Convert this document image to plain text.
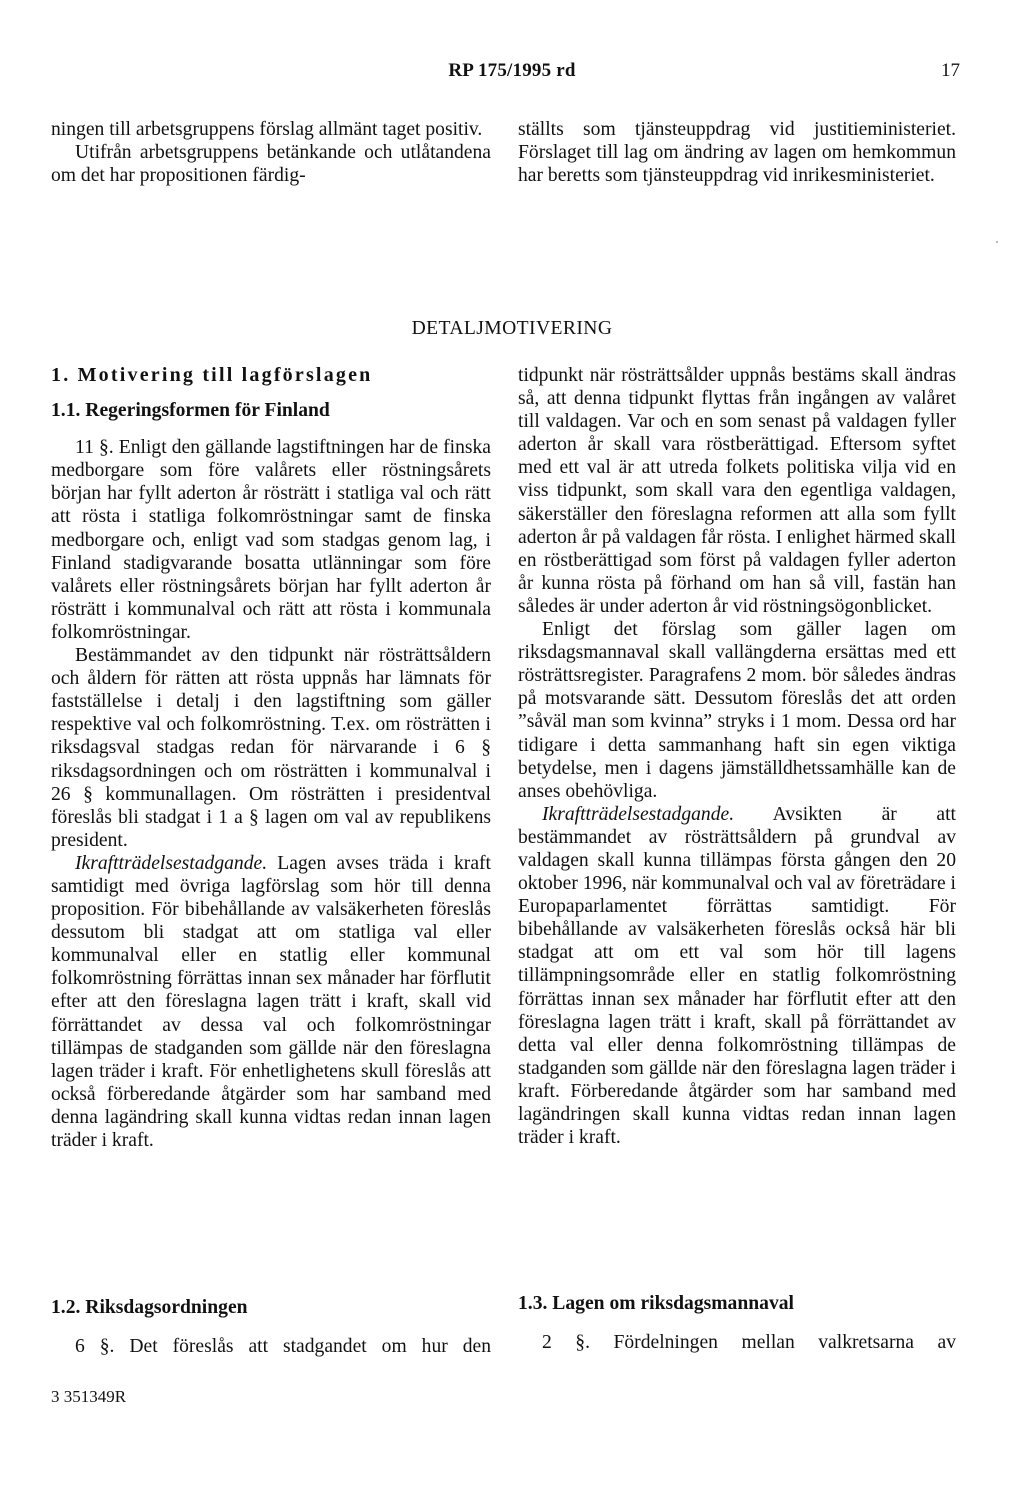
RP 175/1995 rd	17

ningen till arbetsgruppens förslag allmänt taget positiv.

Utifrån arbetsgruppens betänkande och utlåtandena om det har propositionen färdig-

ställts som tjänsteuppdrag vid justitieministeriet. Förslaget till lag om ändring av lagen om hemkommun har beretts som tjänsteuppdrag vid inrikesministeriet.

DETALJMOTIVERING
1. Motivering till lagförslagen
1.1. Regeringsformen för Finland

11 §. Enligt den gällande lagstiftningen har de finska medborgare som före valårets eller röstningsårets början har fyllt aderton år rösträtt i statliga val och rätt att rösta i statliga folkomröstningar samt de finska medborgare och, enligt vad som stadgas genom lag, i Finland stadigvarande bosatta utlänningar som före valårets eller röstningsårets början har fyllt aderton år rösträtt i kommunalval och rätt att rösta i kommunala folkomröstningar.

Bestämmandet av den tidpunkt när rösträttsåldern och åldern för rätten att rösta uppnås har lämnats för fastställelse i detalj i den lagstiftning som gäller respektive val och folkomröstning. T.ex. om rösträtten i riksdagsval stadgas redan för närvarande i 6 § riksdagsordningen och om rösträtten i kommunalval i 26 § kommunallagen. Om rösträtten i presidentval föreslås bli stadgat i 1 a § lagen om val av republikens president.

Ikraftträdelsestadgande. Lagen avses träda i kraft samtidigt med övriga lagförslag som hör till denna proposition. För bibehållande av valsäkerheten föreslås dessutom bli stadgat att om statliga val eller kommunalval eller en statlig eller kommunal folkomröstning förrättas innan sex månader har förflutit efter att den föreslagna lagen trätt i kraft, skall vid förrättandet av dessa val och folkomröstningar tillämpas de stadganden som gällde när den föreslagna lagen träder i kraft. För enhetlighetens skull föreslås att också förberedande åtgärder som har samband med denna lagändring skall kunna vidtas redan innan lagen träder i kraft.

tidpunkt när rösträttsålder uppnås bestäms skall ändras så, att denna tidpunkt flyttas från ingången av valåret till valdagen. Var och en som senast på valdagen fyller aderton år skall vara röstberättigad. Eftersom syftet med ett val är att utreda folkets politiska vilja vid en viss tidpunkt, som skall vara den egentliga valdagen, säkerställer den föreslagna reformen att alla som fyllt aderton år på valdagen får rösta. I enlighet härmed skall en röstberättigad som först på valdagen fyller aderton år kunna rösta på förhand om han så vill, fastän han således är under aderton år vid röstningsögonblicket.

Enligt det förslag som gäller lagen om riksdagsmannaval skall vallängderna ersättas med ett rösträttsregister. Paragrafens 2 mom. bör således ändras på motsvarande sätt. Dessutom föreslås det att orden ”såväl man som kvinna” stryks i 1 mom. Dessa ord har tidigare i detta sammanhang haft sin egen viktiga betydelse, men i dagens jämställdhetssamhälle kan de anses obehövliga.

Ikraftträdelsestadgande. Avsikten är att bestämmandet av rösträttsåldern på grundval av valdagen skall kunna tillämpas första gången den 20 oktober 1996, när kommunalval och val av företrädare i Europaparlamentet förrättas samtidigt. För bibehållande av valsäkerheten föreslås också här bli stadgat att om ett val som hör till lagens tillämpningsområde eller en statlig folkomröstning förrättas innan sex månader har förflutit efter att den föreslagna lagen trätt i kraft, skall på förrättandet av detta val eller denna folkomröstning tillämpas de stadganden som gällde när den föreslagna lagen träder i kraft. Förberedande åtgärder som har samband med lagändringen skall kunna vidtas redan innan lagen träder i kraft.

1.2. Riksdagsordningen

6 §. Det föreslås att stadgandet om hur den

1.3. Lagen om riksdagsmannaval

2 §. Fördelningen mellan valkretsarna av

3 351349R
